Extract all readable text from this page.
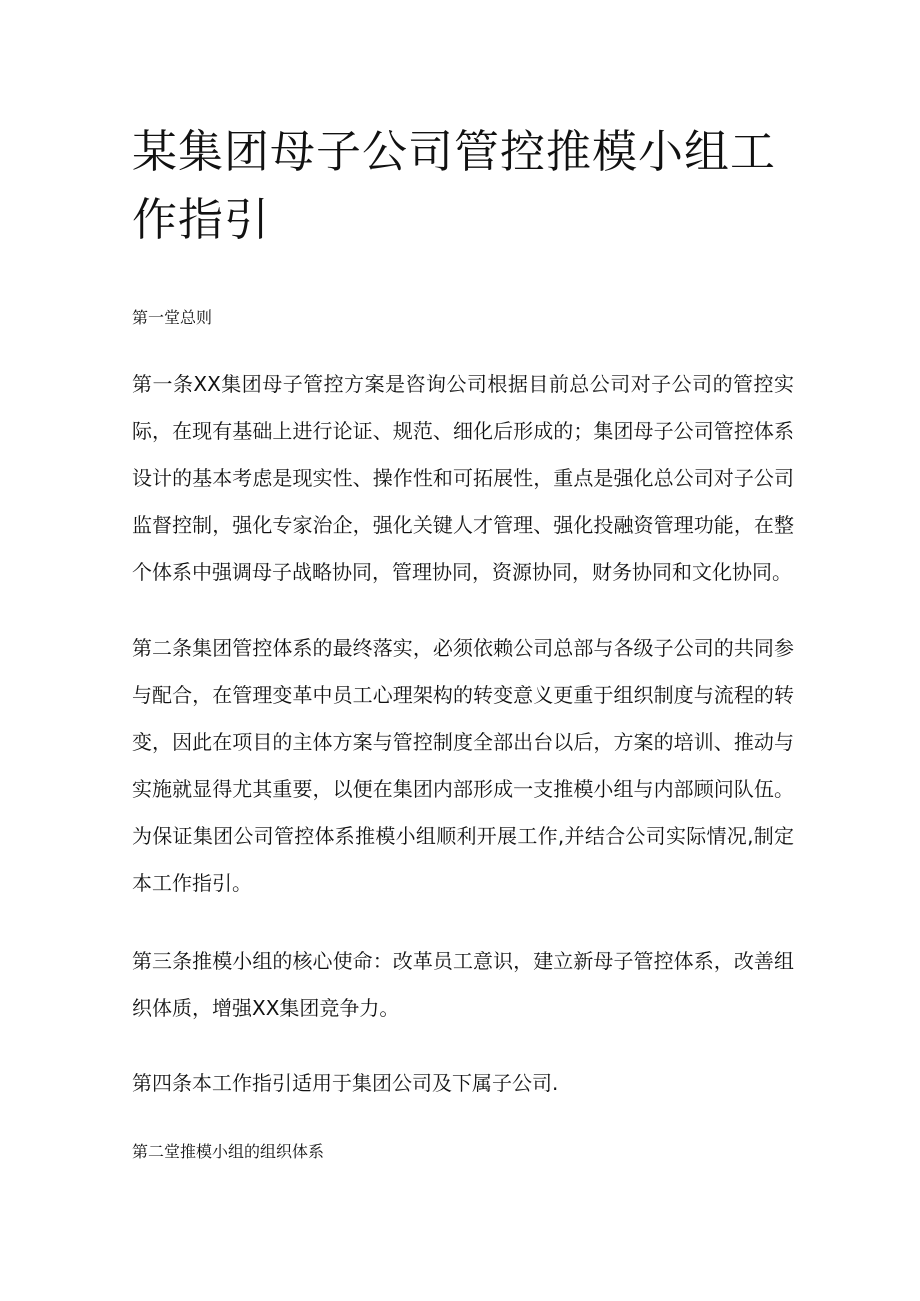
某集团母子公司管控推模小组工作指引
第一堂总则

第一条XX集团母子管控方案是咨询公司根据目前总公司对子公司的管控实际，在现有基础上进行论证、规范、细化后形成的；集团母子公司管控体系设计的基本考虑是现实性、操作性和可拓展性，重点是强化总公司对子公司监督控制，强化专家治企，强化关键人才管理、强化投融资管理功能，在整个体系中强调母子战略协同，管理协同，资源协同，财务协同和文化协同。

第二条集团管控体系的最终落实，必须依赖公司总部与各级子公司的共同参与配合，在管理变革中员工心理架构的转变意义更重于组织制度与流程的转变，因此在项目的主体方案与管控制度全部出台以后，方案的培训、推动与实施就显得尤其重要，以便在集团内部形成一支推模小组与内部顾问队伍。为保证集团公司管控体系推模小组顺利开展工作,并结合公司实际情况,制定本工作指引。

第三条推模小组的核心使命：改革员工意识，建立新母子管控体系，改善组织体质，增强XX集团竞争力。

第四条本工作指引适用于集团公司及下属子公司.

第二堂推模小组的组织体系
